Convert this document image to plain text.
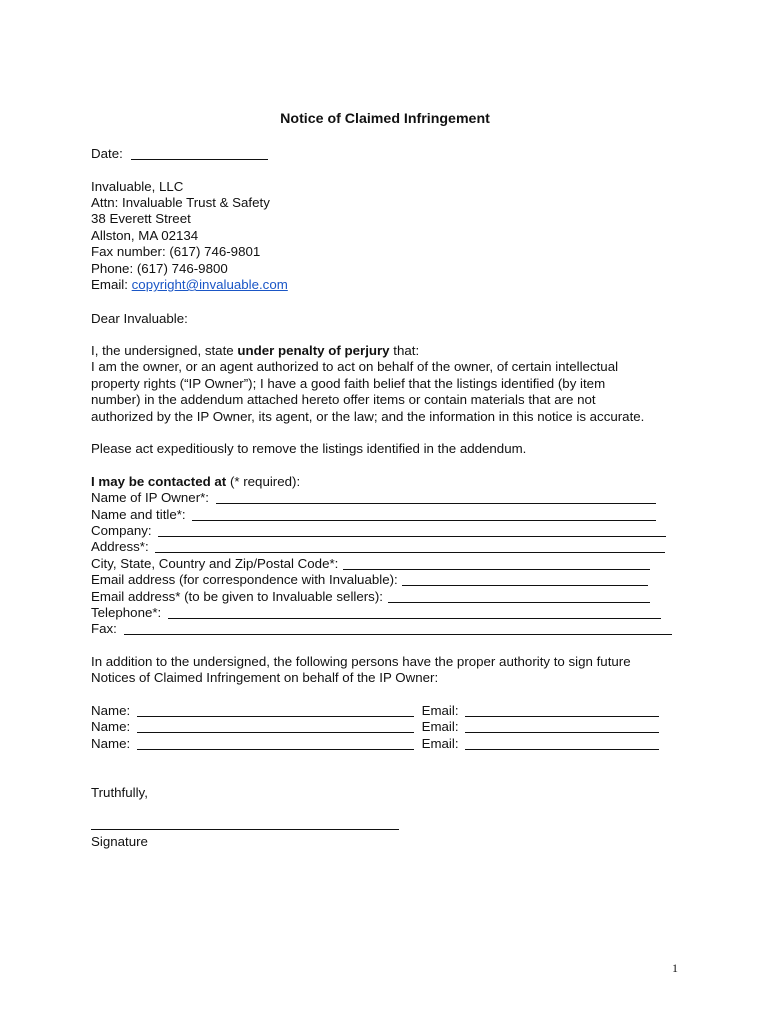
Notice of Claimed Infringement
Date:
Invaluable, LLC
Attn: Invaluable Trust & Safety
38 Everett Street
Allston, MA 02134
Fax number: (617) 746-9801
Phone: (617) 746-9800
Email: copyright@invaluable.com
Dear Invaluable:
I, the undersigned, state under penalty of perjury that:
I am the owner, or an agent authorized to act on behalf of the owner, of certain intellectual
property rights (“IP Owner”); I have a good faith belief that the listings identified (by item
number) in the addendum attached hereto offer items or contain materials that are not
authorized by the IP Owner, its agent, or the law; and the information in this notice is accurate.
Please act expeditiously to remove the listings identified in the addendum.
I may be contacted at (* required):
Name of IP Owner*:
Name and title*:
Company:
Address*:
City, State, Country and Zip/Postal Code*:
Email address (for correspondence with Invaluable):
Email address* (to be given to Invaluable sellers):
Telephone*:
Fax:
In addition to the undersigned, the following persons have the proper authority to sign future
Notices of Claimed Infringement on behalf of the IP Owner:
Name:	Email:
Name:	Email:
Name:	Email:
Truthfully,
Signature
1
